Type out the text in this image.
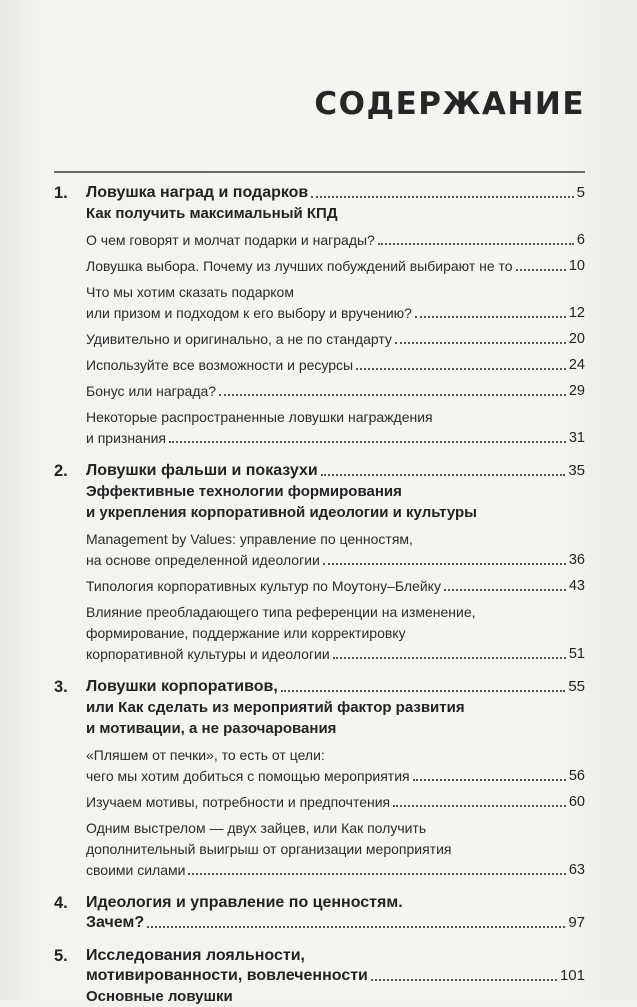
СОДЕРЖАНИЕ
1.	Ловушка наград и подарков	5
Как получить максимальный КПД
О чем говорят и молчат подарки и награды?	6
Ловушка выбора. Почему из лучших побуждений выбирают не то	10
Что мы хотим сказать подарком
или призом и подходом к его выбору и вручению?	12
Удивительно и оригинально, а не по стандарту	20
Используйте все возможности и ресурсы	24
Бонус или награда?	29
Некоторые распространенные ловушки награждения
и признания	31
2.	Ловушки фальши и показухи	35
Эффективные технологии формирования
и укрепления корпоративной идеологии и культуры
Management by Values: управление по ценностям,
на основе определенной идеологии	36
Типология корпоративных культур по Моутону–Блейку	43
Влияние преобладающего типа референции на изменение,
формирование, поддержание или корректировку
корпоративной культуры и идеологии	51
3.	Ловушки корпоративов,	55
или Как сделать из мероприятий фактор развития
и мотивации, а не разочарования
«Пляшем от печки», то есть от цели:
чего мы хотим добиться с помощью мероприятия	56
Изучаем мотивы, потребности и предпочтения	60
Одним выстрелом — двух зайцев, или Как получить
дополнительный выигрыш от организации мероприятия
своими силами	63
4.	Идеология и управление по ценностям.
Зачем?	97
5.	Исследования лояльности,
мотивированности, вовлеченности	101
Основные ловушки
